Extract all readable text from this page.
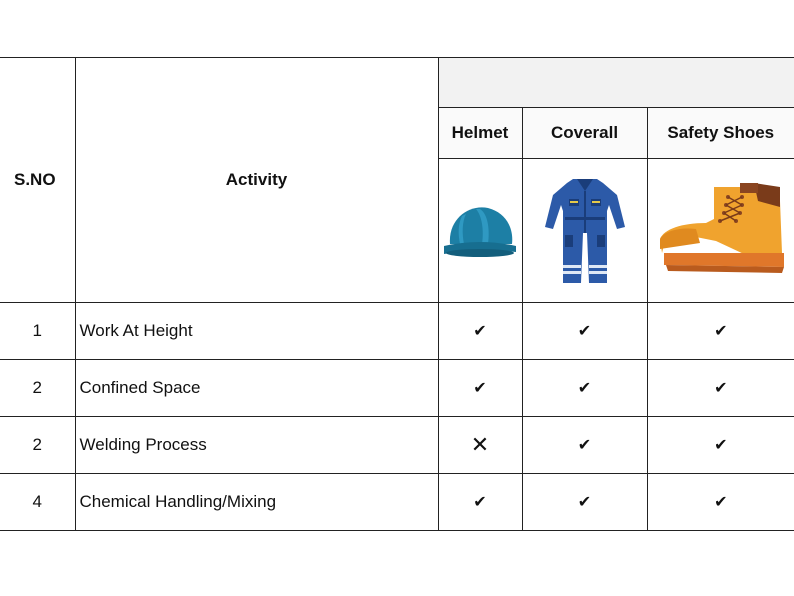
S.NO	Activity			
		Helmet	Coverall	Safety Shoes

1	Work At Height	✔	✔	✔
2	Confined Space	✔	✔	✔
2	Welding Process	✕	✔	✔
4	Chemical Handling/Mixing	✔	✔	✔
